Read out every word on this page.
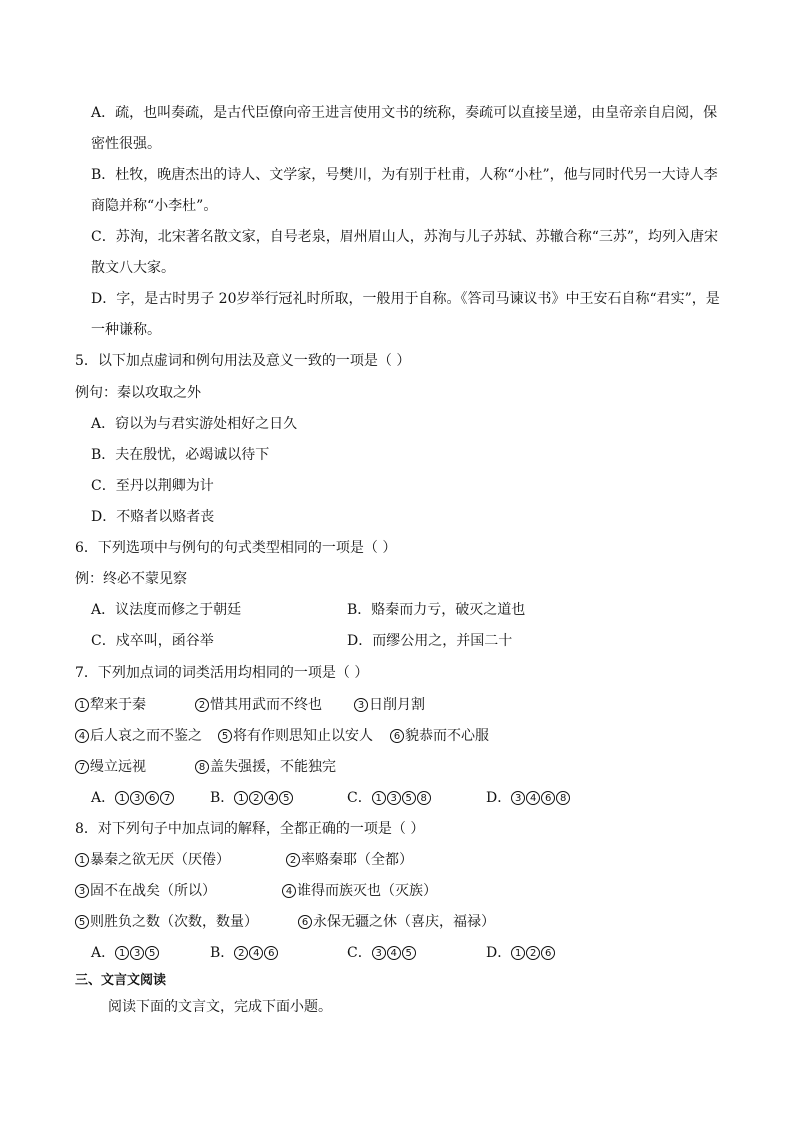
A．疏，也叫奏疏，是古代臣僚向帝王进言使用文书的统称，奏疏可以直接呈递，由皇帝亲自启阅，保
密性很强。
B．杜牧，晚唐杰出的诗人、文学家，号樊川，为有别于杜甫，人称“小杜”，他与同时代另一大诗人李
商隐并称“小李杜”。
C．苏洵，北宋著名散文家，自号老泉，眉州眉山人，苏洵与儿子苏轼、苏辙合称“三苏”，均列入唐宋
散文八大家。
D．字，是古时男子 20岁举行冠礼时所取，一般用于自称。《答司马谏议书》中王安石自称“君实”，是
一种谦称。
5．以下加点虚词和例句用法及意义一致的一项是（ ）
例句：秦以攻取之外
A．窃以为与君实游处相好之日久
B．夫在殷忧，必竭诚以待下
C．至丹以荆卿为计
D．不赂者以赂者丧
6．下列选项中与例句的句式类型相同的一项是（ ）
例：终必不蒙见察
A．议法度而修之于朝廷	B．赂秦而力亏，破灭之道也
C．戍卒叫，函谷举	D．而缪公用之，并国二十
7．下列加点词的词类活用均相同的一项是（ ）
1 犂来于秦	2 惜其用武而不终也	3 日削月割
4 后人哀之而不鉴之	5 将有作则思知止以安人	6 貌恭而不心服
7 缦立远视	8 盖失强援，不能独完
A． 1 3 6 7	B． 1 2 4 5	C． 1 3 5 8	D． 3 4 6 8
8．对下列句子中加点词的解释，全都正确的一项是（ ）
1 暴秦之欲无厌（厌倦）	2 率赂秦耶（全都）
3 固不在战矣（所以）	4 谁得而族灭也（灭族）
5 则胜负之数（次数，数量）	6 永保无疆之休（喜庆，福禄）
A． 1 3 5	B． 2 4 6	C． 3 4 5	D． 1 2 6
三、文言文阅读
阅读下面的文言文，完成下面小题。
